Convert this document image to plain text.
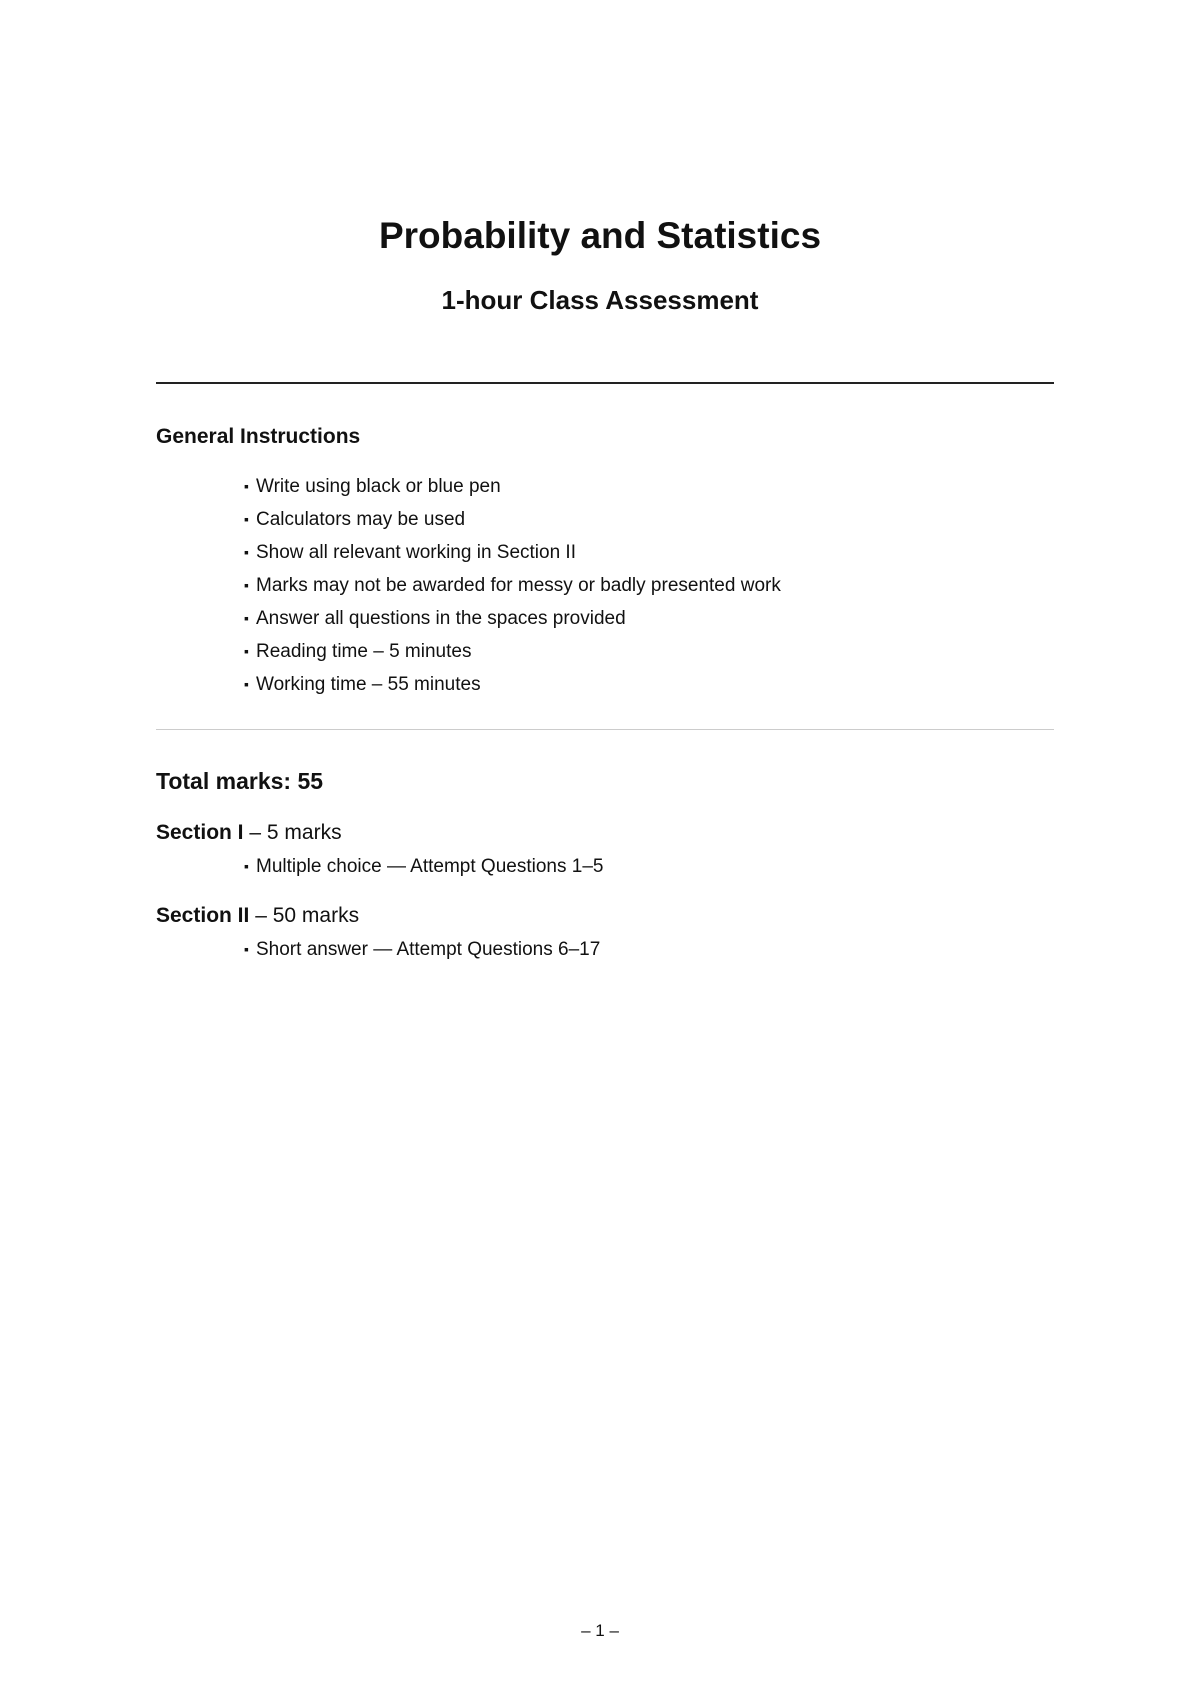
Probability and Statistics
1-hour Class Assessment
General Instructions
▪ Write using black or blue pen
▪ Calculators may be used
▪ Show all relevant working in Section II
▪ Marks may not be awarded for messy or badly presented work
▪ Answer all questions in the spaces provided
▪ Reading time – 5 minutes
▪ Working time – 55 minutes
Total marks: 55

Section I – 5 marks

▪ Multiple choice — Attempt Questions 1–5

Section II – 50 marks

▪ Short answer — Attempt Questions 6–17

– 1 –
